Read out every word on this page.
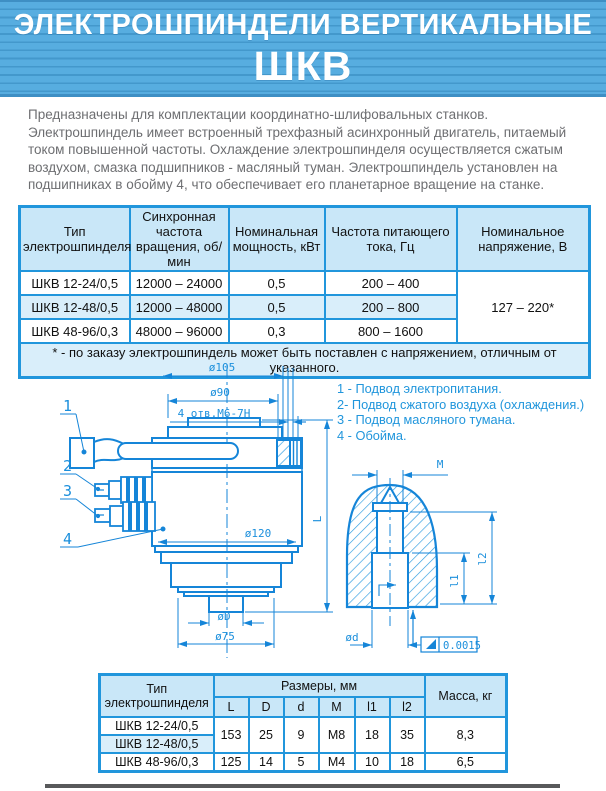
ЭЛЕКТРОШПИНДЕЛИ ВЕРТИКАЛЬНЫЕ
ШКВ

Предназначены для комплектации координатно-шлифовальных станков.

Электрошпиндель имеет встроенный трехфазный асинхронный двигатель, питаемый током повышенной частоты. Охлаждение электрошпинделя осуществляется сжатым воздухом, смазка подшипников - масляный туман. Электрошпиндель установлен на подшипниках в обойму 4, что обеспечивает его планетарное вращение на станке.

Тип электрошпинделя	Синхронная частота вращения, об/мин	Номинальная мощность, кВт	Частота питающего тока, Гц	Номинальное напряжение, В
ШКВ 12-24/0,5	12000 – 24000	0,5	200 – 400	127 – 220*
ШКВ 12-48/0,5	12000 – 48000	0,5	200 – 800	
ШКВ 48-96/0,3	48000 – 96000	0,3	800 – 1600	
* - по заказу электрошпиндель может быть поставлен с напряжением, отличным от указанного.				
ø105
ø90
4 отв.М6-7Н
ø120
øD
ø75
L
M
l1
l2
ød
0.0015
1
2
3
4
1 - Подвод электропитания.
2- Подвод сжатого воздуха (охлаждения.)
3 - Подвод масляного тумана.
4 - Обойма.
Тип электрошпинделя	Размеры, мм						Масса, кг
	L	D	d	M	l1	l2	
ШКВ 12-24/0,5	153	25	9	М8	18	35	8,3
ШКВ 12-48/0,5							
ШКВ 48-96/0,3	125	14	5	М4	10	18	6,5
